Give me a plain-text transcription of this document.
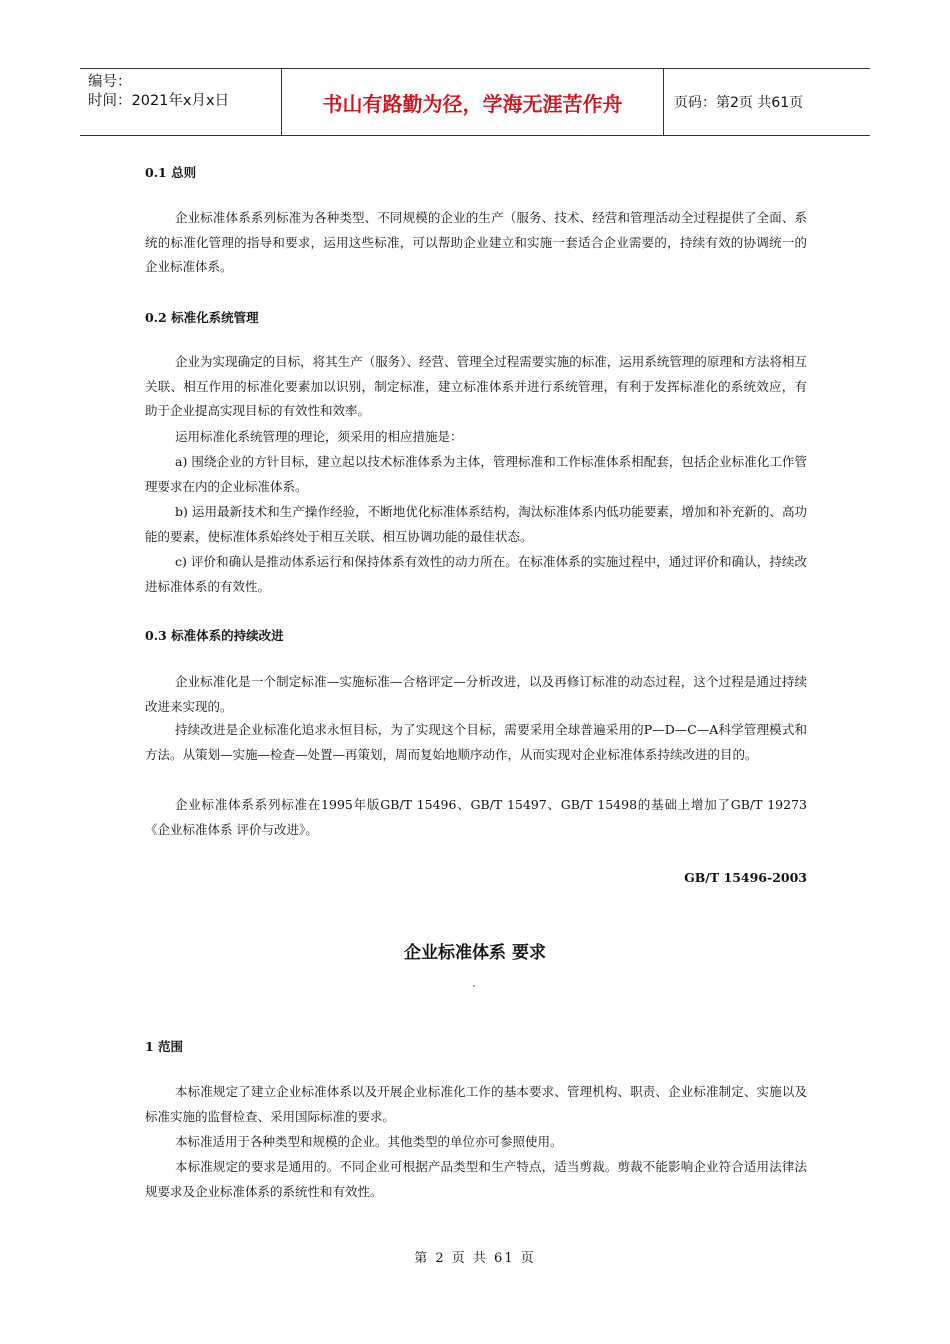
编号：
时间：2021年x月x日	书山有路勤为径，学海无涯苦作舟	页码：第2页 共61页
0.1 总则
企业标准体系系列标准为各种类型、不同规模的企业的生产（服务、技术、经营和管理活动全过程提供了全面、系统的标准化管理的指导和要求，运用这些标准，可以帮助企业建立和实施一套适合企业需要的，持续有效的协调统一的企业标准体系。
0.2 标准化系统管理
企业为实现确定的目标，将其生产（服务）、经营、管理全过程需要实施的标准，运用系统管理的原理和方法将相互关联、相互作用的标准化要素加以识别，制定标准，建立标准体系并进行系统管理，有利于发挥标准化的系统效应，有助于企业提高实现目标的有效性和效率。
运用标准化系统管理的理论，须采用的相应措施是：
a) 围绕企业的方针目标，建立起以技术标准体系为主体，管理标准和工作标准体系相配套，包括企业标准化工作管理要求在内的企业标准体系。
b) 运用最新技术和生产操作经验，不断地优化标准体系结构，淘汰标准体系内低功能要素，增加和补充新的、高功能的要素，使标准体系始终处于相互关联、相互协调功能的最佳状态。
c) 评价和确认是推动体系运行和保持体系有效性的动力所在。在标准体系的实施过程中，通过评价和确认，持续改进标准体系的有效性。
0.3 标准体系的持续改进
企业标准化是一个制定标准—实施标准—合格评定—分析改进，以及再修订标准的动态过程，这个过程是通过持续改进来实现的。
持续改进是企业标准化追求永恒目标，为了实现这个目标，需要采用全球普遍采用的P—D—C—A科学管理模式和方法。从策划—实施—检查—处置—再策划，周而复始地顺序动作，从而实现对企业标准体系持续改进的目的。
企业标准体系系列标准在1995年版GB/T 15496、GB/T 15497、GB/T 15498的基础上增加了GB/T 19273《企业标准体系 评价与改进》。
GB/T 15496-2003
企业标准体系 要求
1 范围
本标准规定了建立企业标准体系以及开展企业标准化工作的基本要求、管理机构、职责、企业标准制定、实施以及标准实施的监督检查、采用国际标准的要求。
本标准适用于各种类型和规模的企业。其他类型的单位亦可参照使用。
本标准规定的要求是通用的。不同企业可根据产品类型和生产特点，适当剪裁。剪裁不能影响企业符合适用法律法规要求及企业标准体系的系统性和有效性。
第 2 页 共 61 页
